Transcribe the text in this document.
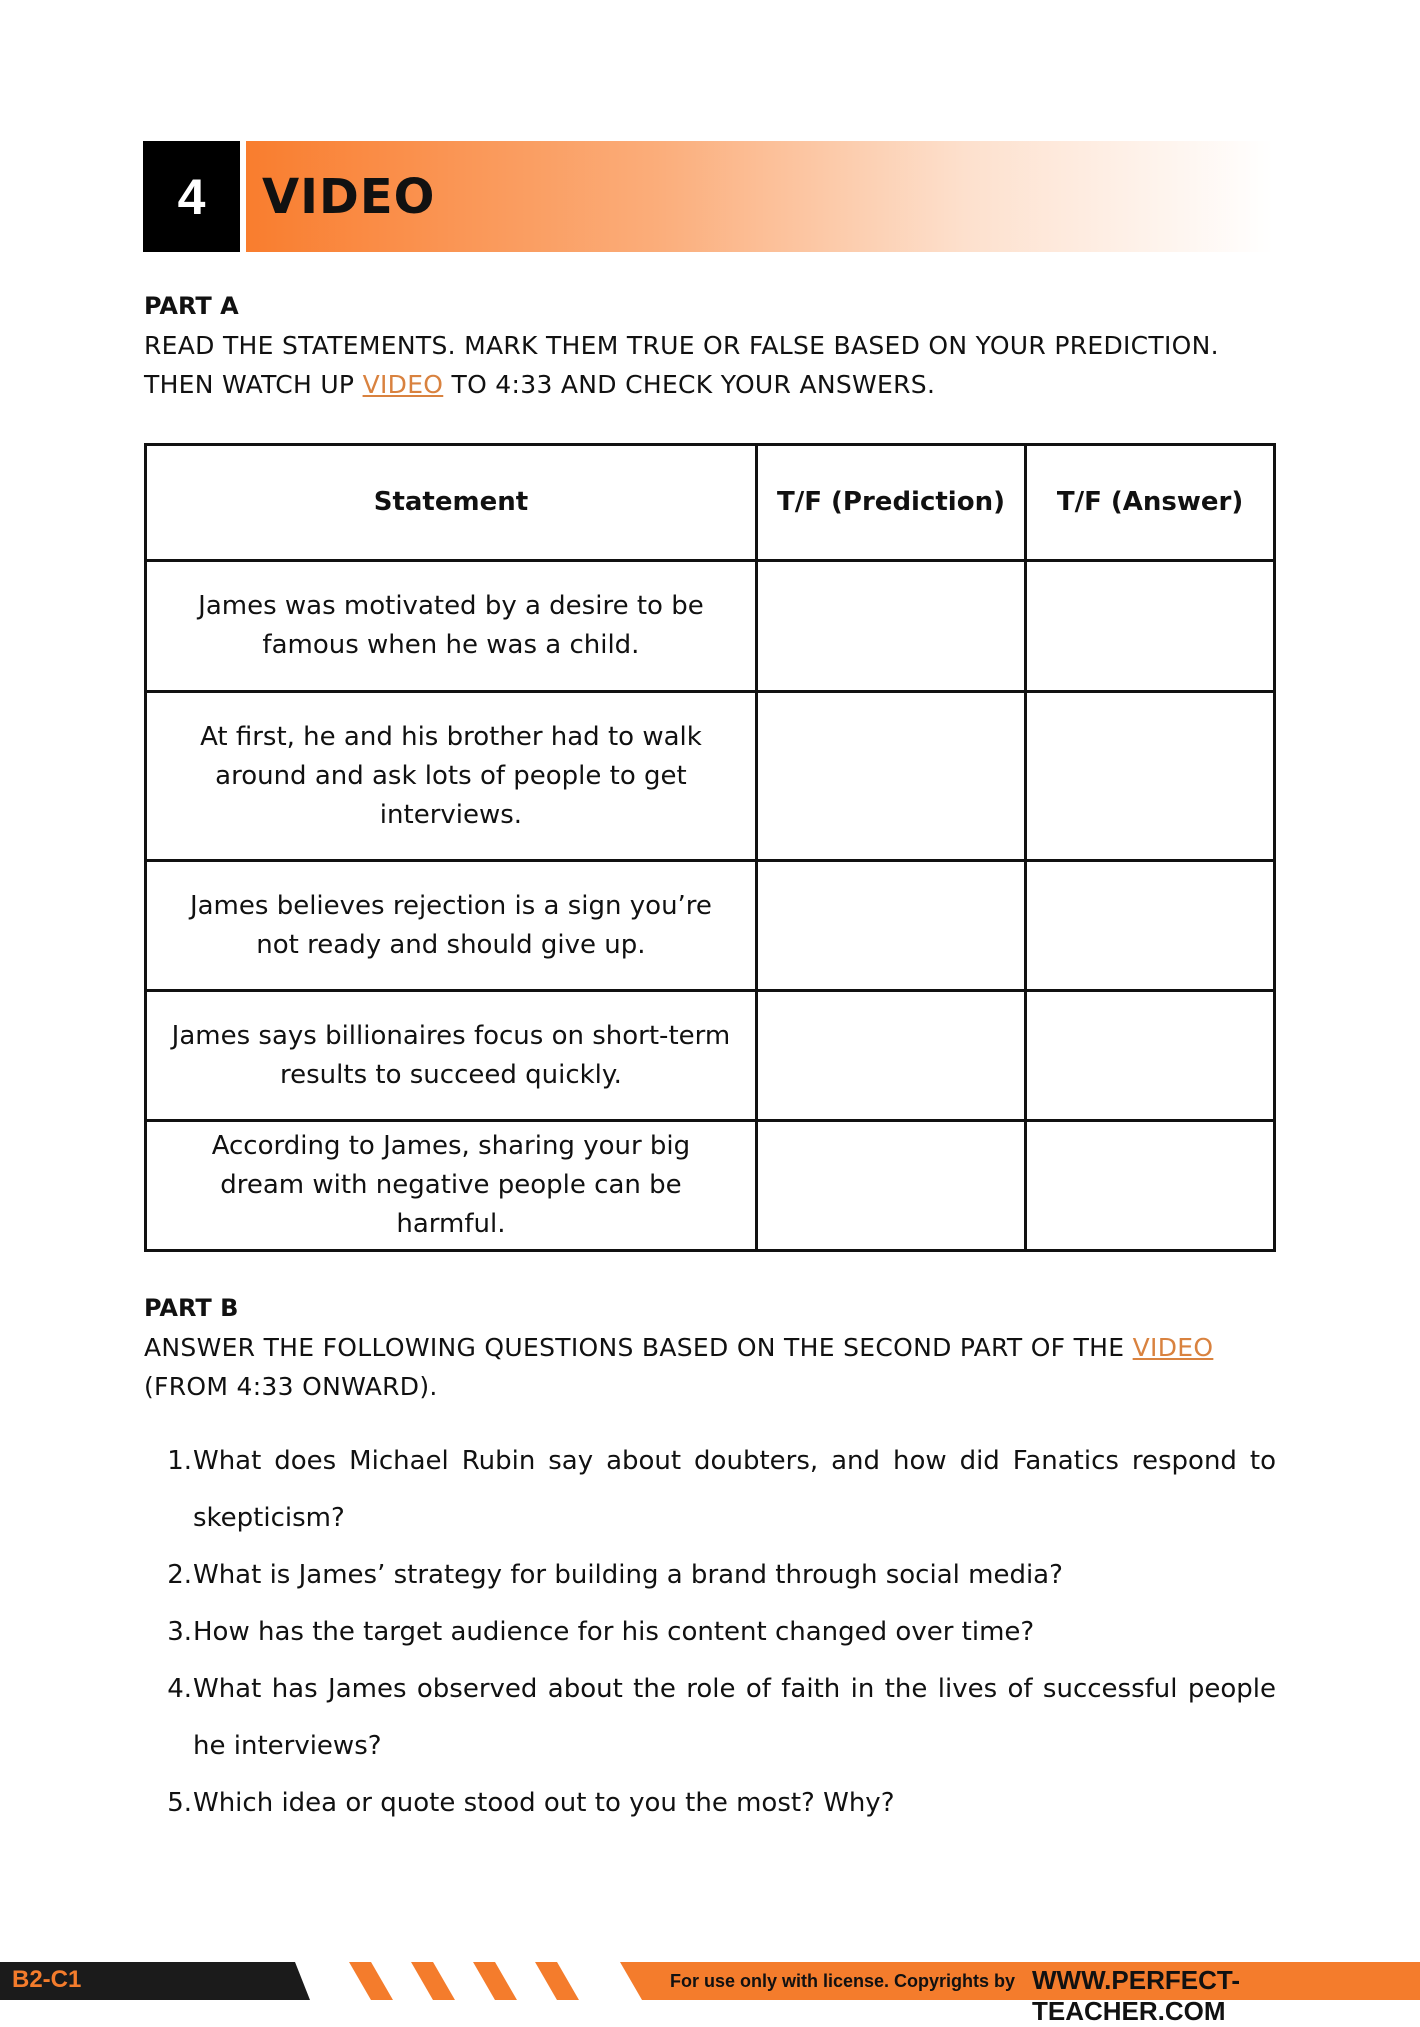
4	VIDEO
PART A
READ THE STATEMENTS. MARK THEM TRUE OR FALSE BASED ON YOUR PREDICTION.
THEN WATCH UP VIDEO TO 4:33 AND CHECK YOUR ANSWERS.
Statement	T/F (Prediction)	T/F (Answer)
James was motivated by a desire to be famous when he was a child.		
At first, he and his brother had to walk around and ask lots of people to get interviews.		
James believes rejection is a sign you’re not ready and should give up.		
James says billionaires focus on short-term results to succeed quickly.		
According to James, sharing your big dream with negative people can be harmful.		
PART B
ANSWER THE FOLLOWING QUESTIONS BASED ON THE SECOND PART OF THE VIDEO
(FROM 4:33 ONWARD).
1. What does Michael Rubin say about doubters, and how did Fanatics respond to skepticism?
2. What is James’ strategy for building a brand through social media?
3. How has the target audience for his content changed over time?
4. What has James observed about the role of faith in the lives of successful people he interviews?
5. Which idea or quote stood out to you the most? Why?
B2-C1	For use only with license. Copyrights by WWW.PERFECT-TEACHER.COM
